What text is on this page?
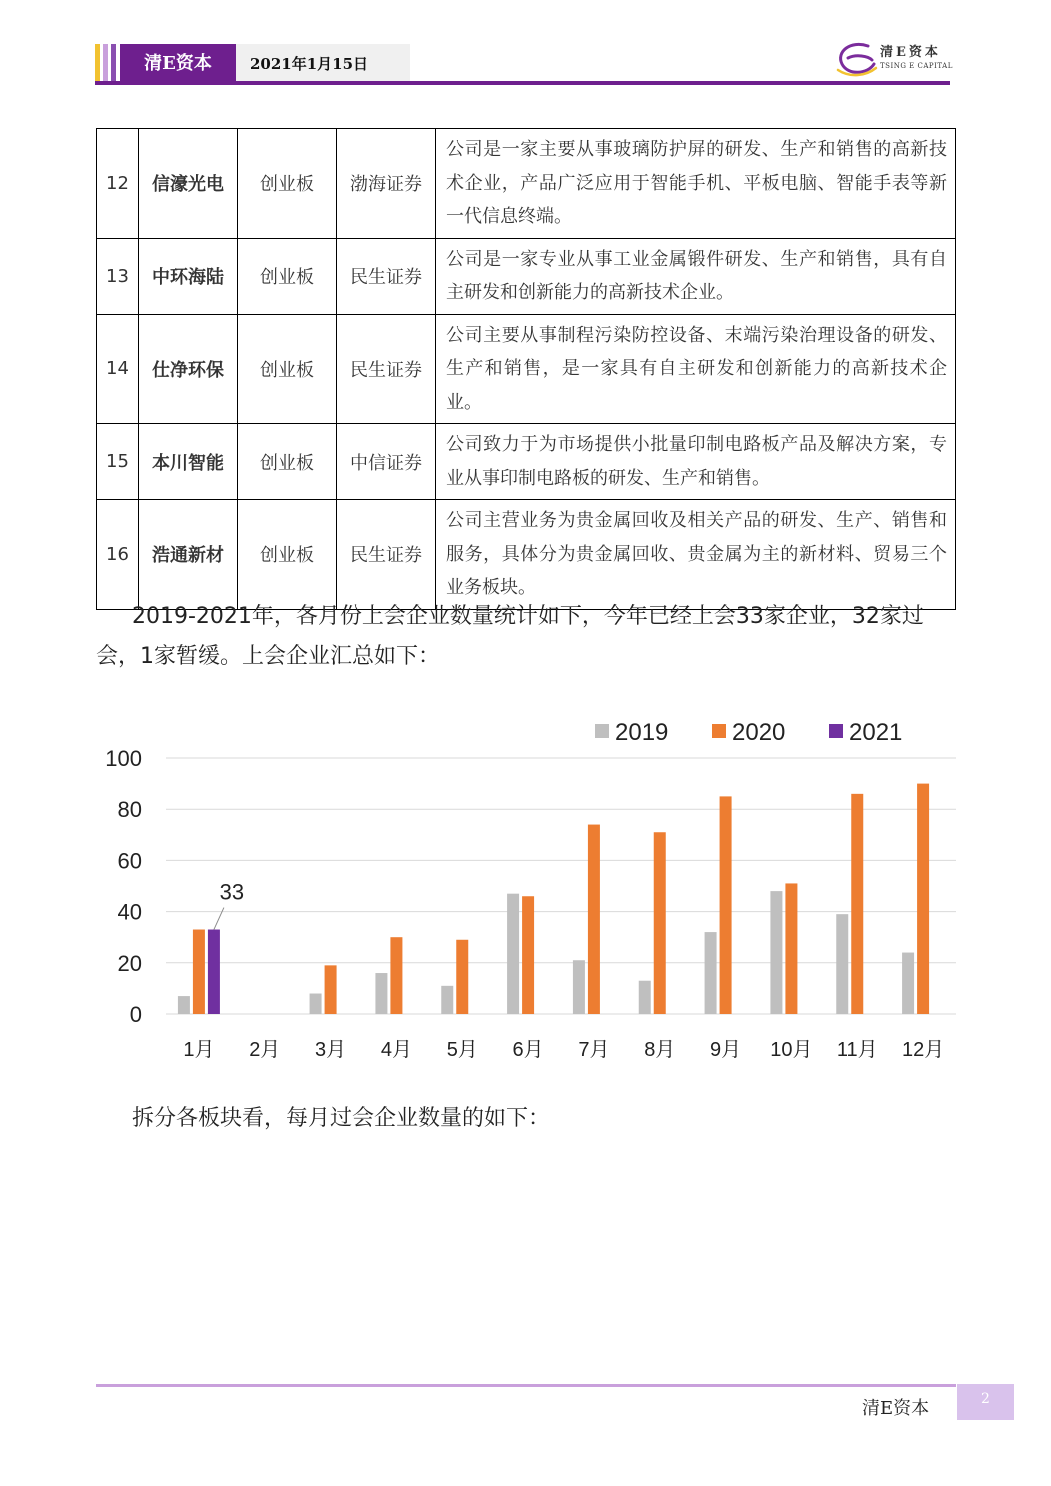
清E资本	2021年1月15日
清E资本
TSING E CAPITAL
12	信濠光电	创业板	渤海证券	公司是一家主要从事玻璃防护屏的研发、生产和销售的高新技术企业，产品广泛应用于智能手机、平板电脑、智能手表等新一代信息终端。
13	中环海陆	创业板	民生证券	公司是一家专业从事工业金属锻件研发、生产和销售，具有自主研发和创新能力的高新技术企业。
14	仕净环保	创业板	民生证券	公司主要从事制程污染防控设备、末端污染治理设备的研发、生产和销售，是一家具有自主研发和创新能力的高新技术企业。
15	本川智能	创业板	中信证券	公司致力于为市场提供小批量印制电路板产品及解决方案，专业从事印制电路板的研发、生产和销售。
16	浩通新材	创业板	民生证券	公司主营业务为贵金属回收及相关产品的研发、生产、销售和服务，具体分为贵金属回收、贵金属为主的新材料、贸易三个业务板块。

2019-2021年，各月份上会企业数量统计如下，今年已经上会33家企业，32家过会，1家暂缓。上会企业汇总如下：

0
20
40
60
80
100
1月 2月 3月 4月 5月 6月 7月 8月 9月 10月 11月 12月
33
2019	2020	2021

拆分各板块看，每月过会企业数量的如下：

清E资本	2
